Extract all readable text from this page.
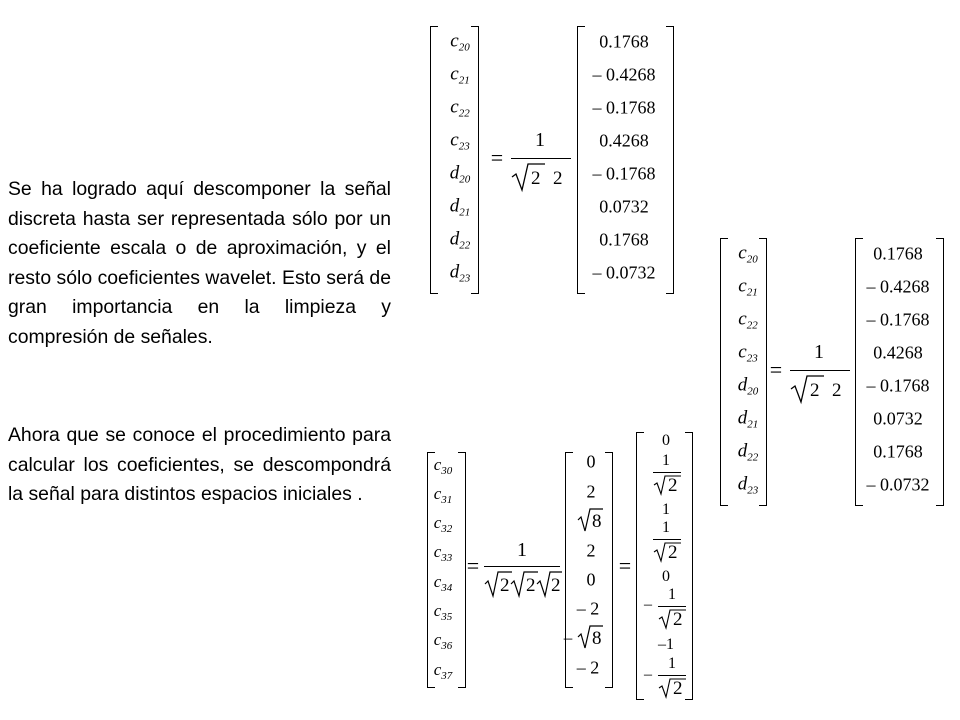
Se ha logrado aquí descomponer la señal discreta hasta ser representada sólo por un coeficiente escala o de aproximación, y el resto sólo coeficientes wavelet. Esto será de gran importancia en la limpieza y compresión de señales.

Ahora que se conoce el procedimiento para calcular los coeficientes, se descompondrá la señal para distintos espacios iniciales .

$c_{20}$
$c_{21}$
$c_{22}$
$c_{23}$
$d_{20}$
$d_{21}$
$d_{22}$
$d_{23}$
=
1
2 2
0.1768
– 0.4268
– 0.1768
0.4268
– 0.1768
0.0732
0.1768
– 0.0732
$c_{20}$
$c_{21}$
$c_{22}$
$c_{23}$
$d_{20}$
$d_{21}$
$d_{22}$
$d_{23}$
=
1
2 2
0.1768
– 0.4268
– 0.1768
0.4268
– 0.1768
0.0732
0.1768
– 0.0732
$c_{30}$
$c_{31}$
$c_{32}$
$c_{33}$
$c_{34}$
$c_{35}$
$c_{36}$
$c_{37}$
=
1
2 2 2
0
2
8
2
0
– 2
– 8
– 2
=
0
1
2
1
1
2
0
–
1
2
–1
–
1
2
